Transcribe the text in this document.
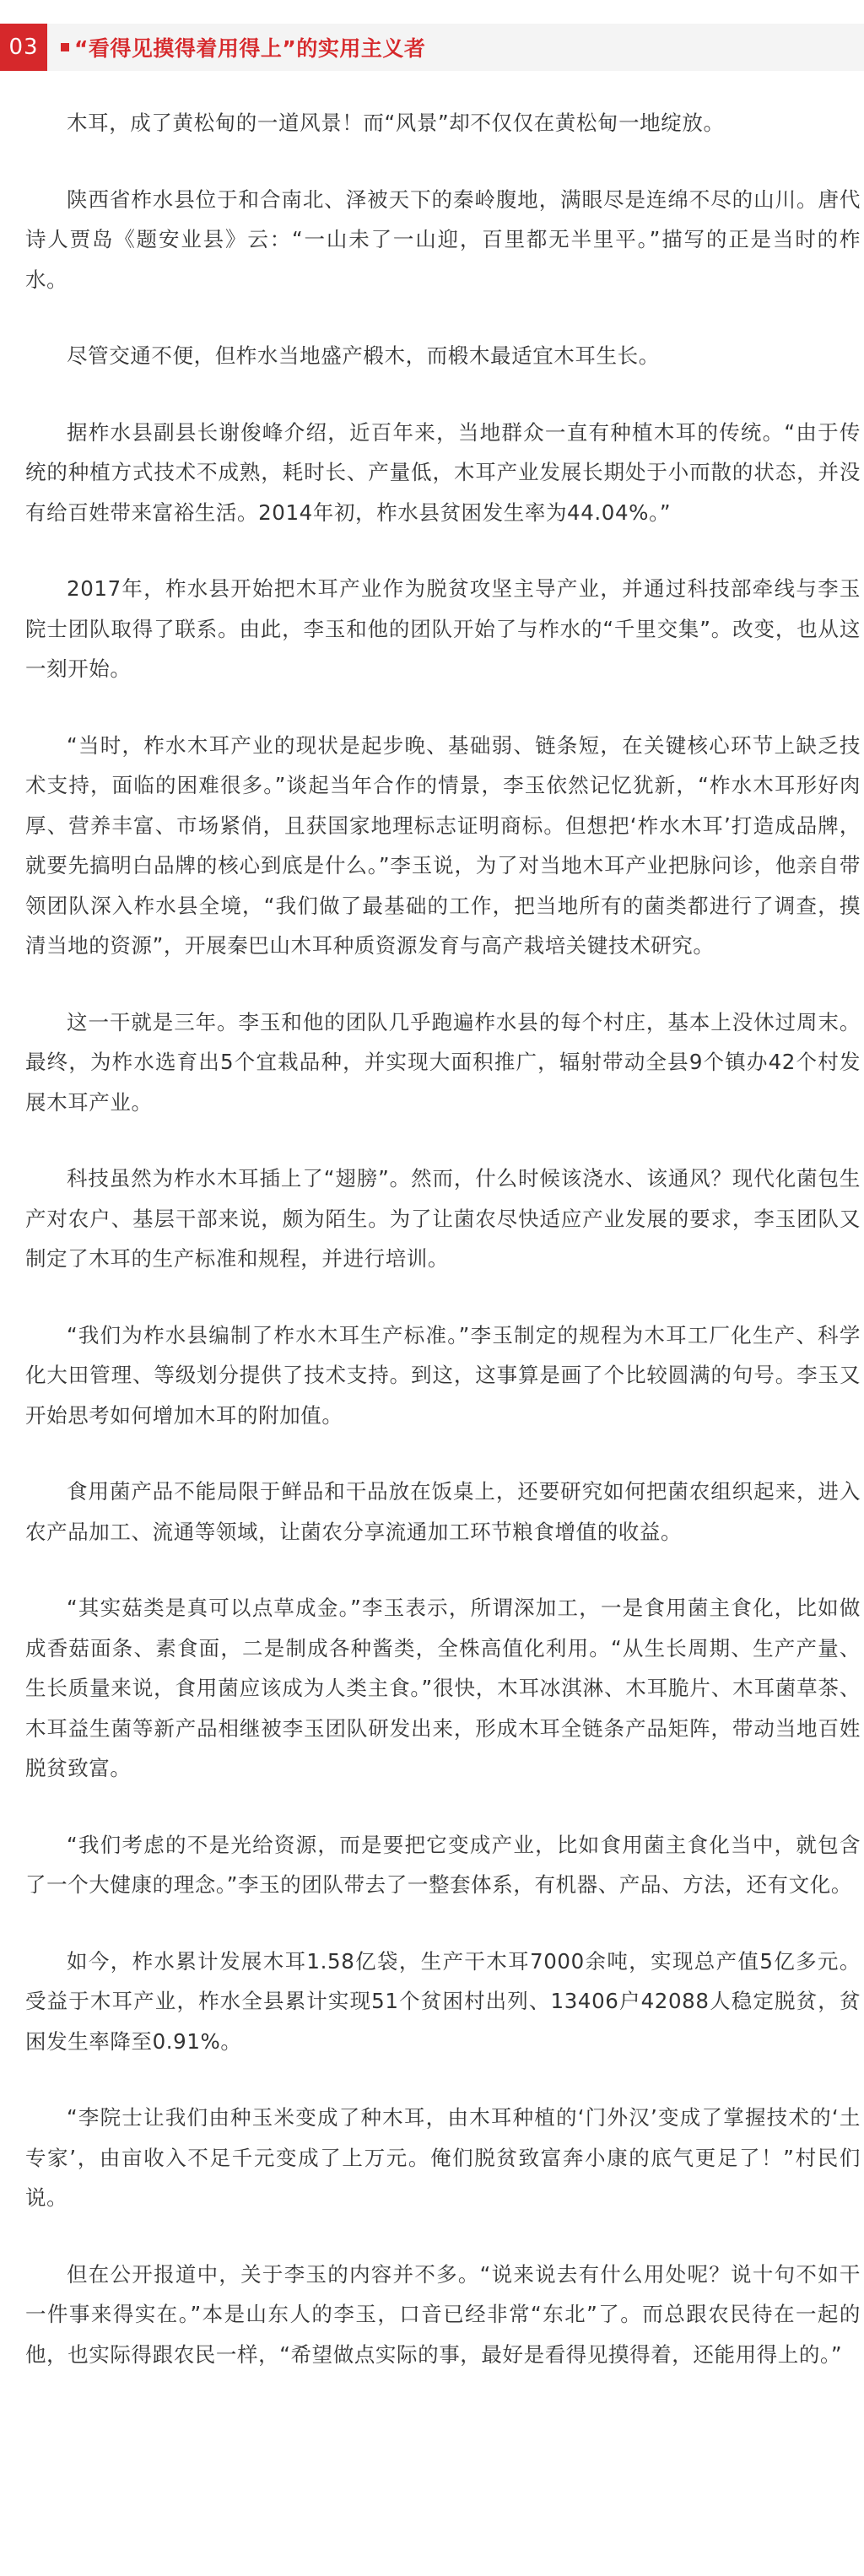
03	“看得见摸得着用得上”的实用主义者

木耳，成了黄松甸的一道风景！而“风景”却不仅仅在黄松甸一地绽放。

陕西省柞水县位于和合南北、泽被天下的秦岭腹地，满眼尽是连绵不尽的山川。唐代诗人贾岛《题安业县》云：“一山未了一山迎，百里都无半里平。”描写的正是当时的柞水。

尽管交通不便，但柞水当地盛产椴木，而椴木最适宜木耳生长。

据柞水县副县长谢俊峰介绍，近百年来，当地群众一直有种植木耳的传统。“由于传统的种植方式技术不成熟，耗时长、产量低，木耳产业发展长期处于小而散的状态，并没有给百姓带来富裕生活。2014年初，柞水县贫困发生率为44.04%。”

2017年，柞水县开始把木耳产业作为脱贫攻坚主导产业，并通过科技部牵线与李玉院士团队取得了联系。由此，李玉和他的团队开始了与柞水的“千里交集”。改变，也从这一刻开始。

“当时，柞水木耳产业的现状是起步晚、基础弱、链条短，在关键核心环节上缺乏技术支持，面临的困难很多。”谈起当年合作的情景，李玉依然记忆犹新，“柞水木耳形好肉厚、营养丰富、市场紧俏，且获国家地理标志证明商标。但想把‘柞水木耳’打造成品牌，就要先搞明白品牌的核心到底是什么。”李玉说，为了对当地木耳产业把脉问诊，他亲自带领团队深入柞水县全境，“我们做了最基础的工作，把当地所有的菌类都进行了调查，摸清当地的资源”，开展秦巴山木耳种质资源发育与高产栽培关键技术研究。

这一干就是三年。李玉和他的团队几乎跑遍柞水县的每个村庄，基本上没休过周末。最终，为柞水选育出5个宜栽品种，并实现大面积推广，辐射带动全县9个镇办42个村发展木耳产业。

科技虽然为柞水木耳插上了“翅膀”。然而，什么时候该浇水、该通风？现代化菌包生产对农户、基层干部来说，颇为陌生。为了让菌农尽快适应产业发展的要求，李玉团队又制定了木耳的生产标准和规程，并进行培训。

“我们为柞水县编制了柞水木耳生产标准。”李玉制定的规程为木耳工厂化生产、科学化大田管理、等级划分提供了技术支持。到这，这事算是画了个比较圆满的句号。李玉又开始思考如何增加木耳的附加值。

食用菌产品不能局限于鲜品和干品放在饭桌上，还要研究如何把菌农组织起来，进入农产品加工、流通等领域，让菌农分享流通加工环节粮食增值的收益。

“其实菇类是真可以点草成金。”李玉表示，所谓深加工，一是食用菌主食化，比如做成香菇面条、素食面，二是制成各种酱类，全株高值化利用。“从生长周期、生产产量、生长质量来说，食用菌应该成为人类主食。”很快，木耳冰淇淋、木耳脆片、木耳菌草茶、木耳益生菌等新产品相继被李玉团队研发出来，形成木耳全链条产品矩阵，带动当地百姓脱贫致富。

“我们考虑的不是光给资源，而是要把它变成产业，比如食用菌主食化当中，就包含了一个大健康的理念。”李玉的团队带去了一整套体系，有机器、产品、方法，还有文化。

如今，柞水累计发展木耳1.58亿袋，生产干木耳7000余吨，实现总产值5亿多元。受益于木耳产业，柞水全县累计实现51个贫困村出列、13406户42088人稳定脱贫，贫困发生率降至0.91%。

“李院士让我们由种玉米变成了种木耳，由木耳种植的‘门外汉’变成了掌握技术的‘土专家’，由亩收入不足千元变成了上万元。俺们脱贫致富奔小康的底气更足了！”村民们说。

但在公开报道中，关于李玉的内容并不多。“说来说去有什么用处呢？说十句不如干一件事来得实在。”本是山东人的李玉，口音已经非常“东北”了。而总跟农民待在一起的他，也实际得跟农民一样，“希望做点实际的事，最好是看得见摸得着，还能用得上的。”
